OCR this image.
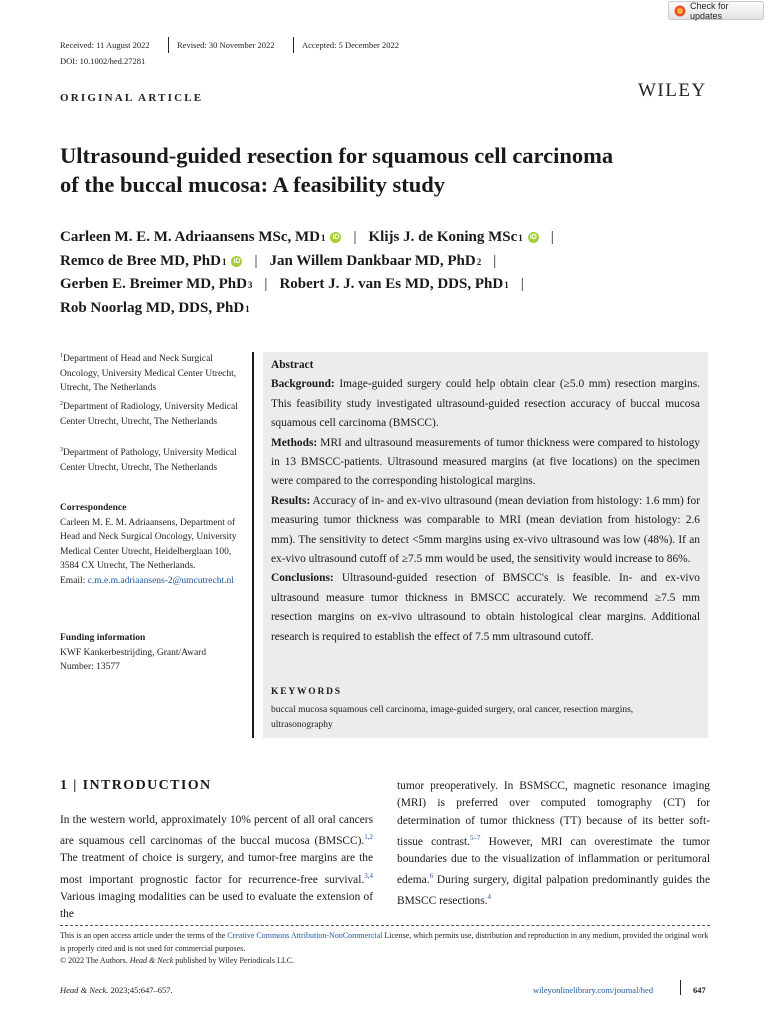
Check for updates
Received: 11 August 2022	Revised: 30 November 2022	Accepted: 5 December 2022
DOI: 10.1002/hed.27281
ORIGINAL ARTICLE	WILEY
Ultrasound-guided resection for squamous cell carcinoma
of the buccal mucosa: A feasibility study
Carleen M. E. M. Adriaansens MSc, MD 1 iD | Klijs J. de Koning MSc 1 iD |
Remco de Bree MD, PhD 1 iD | Jan Willem Dankbaar MD, PhD 2 |
Gerben E. Breimer MD, PhD 3 | Robert J. J. van Es MD, DDS, PhD 1 |
Rob Noorlag MD, DDS, PhD 1
$^1$Department of Head and Neck Surgical Oncology, University Medical Center Utrecht, Utrecht, The Netherlands
$^2$Department of Radiology, University Medical Center Utrecht, Utrecht, The Netherlands
$^3$Department of Pathology, University Medical Center Utrecht, Utrecht, The Netherlands
Correspondence
Carleen M. E. M. Adriaansens, Department of Head and Neck Surgical Oncology, University Medical Center Utrecht, Heidelberglaan 100, 3584 CX Utrecht, The Netherlands.
Email: c.m.e.m.adriaansens-2@umcutrecht.nl
Funding information
KWF Kankerbestrijding, Grant/Award Number: 13577
Abstract
Background: Image-guided surgery could help obtain clear (≥5.0 mm) resection margins. This feasibility study investigated ultrasound-guided resection accuracy of buccal mucosa squamous cell carcinoma (BMSCC).
Methods: MRI and ultrasound measurements of tumor thickness were compared to histology in 13 BMSCC-patients. Ultrasound measured margins (at five locations) on the specimen were compared to the corresponding histological margins.
Results: Accuracy of in- and ex-vivo ultrasound (mean deviation from histology: 1.6 mm) for measuring tumor thickness was comparable to MRI (mean deviation from histology: 2.6 mm). The sensitivity to detect <5mm margins using ex-vivo ultrasound was low (48%). If an ex-vivo ultrasound cutoff of ≥7.5 mm would be used, the sensitivity would increase to 86%.
Conclusions: Ultrasound-guided resection of BMSCC's is feasible. In- and ex-vivo ultrasound measure tumor thickness in BMSCC accurately. We recommend ≥7.5 mm resection margins on ex-vivo ultrasound to obtain histological clear margins. Additional research is required to establish the effect of 7.5 mm ultrasound cutoff.
KEYWORDS
buccal mucosa squamous cell carcinoma, image-guided surgery, oral cancer, resection margins, ultrasonography
1 | INTRODUCTION
In the western world, approximately 10% percent of all oral cancers are squamous cell carcinomas of the buccal mucosa (BMSCC).$^{1,2}$ The treatment of choice is surgery, and tumor-free margins are the most important prognostic factor for recurrence-free survival.$^{3,4}$ Various imaging modalities can be used to evaluate the extension of the
tumor preoperatively. In BSMSCC, magnetic resonance imaging (MRI) is preferred over computed tomography (CT) for determination of tumor thickness (TT) because of its better soft-tissue contrast.$^{5-7}$ However, MRI can overestimate the tumor boundaries due to the visualization of inflammation or peritumoral edema.$^6$ During surgery, digital palpation predominantly guides the BMSCC resections.$^4$
This is an open access article under the terms of the Creative Commons Attribution-NonCommercial License, which permits use, distribution and reproduction in any medium, provided the original work is properly cited and is not used for commercial purposes.
© 2022 The Authors. Head & Neck published by Wiley Periodicals LLC.
Head & Neck. 2023;45:647–657.	wileyonlinelibrary.com/journal/hed	647
